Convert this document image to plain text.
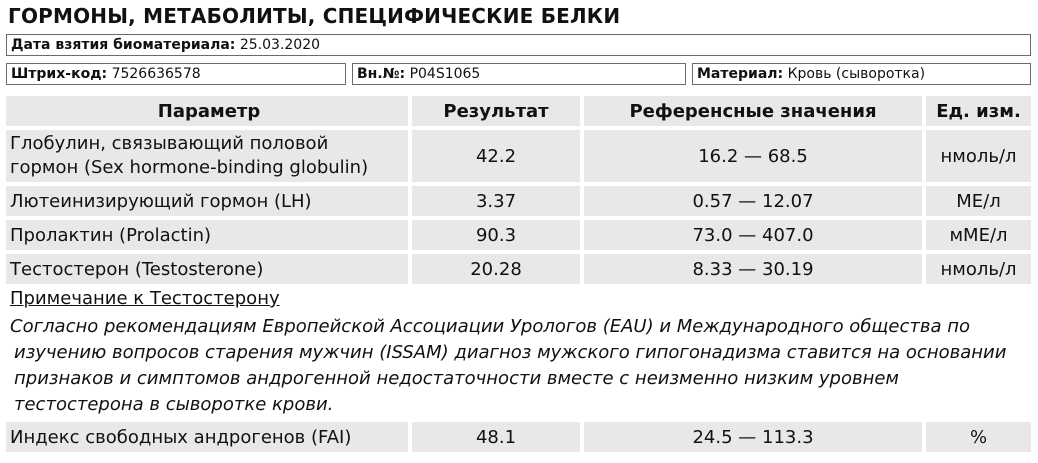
ГОРМОНЫ, МЕТАБОЛИТЫ, СПЕЦИФИЧЕСКИЕ БЕЛКИ
Дата взятия биоматериала: 25.03.2020
Штрих-код: 7526636578	Вн.№: P04S1065	Материал: Кровь (сыворотка)
Параметр	Результат	Референсные значения	Ед. изм.
Глобулин, связывающий половой
гормон (Sex hormone-binding globulin)
42.2	16.2 — 68.5	нмоль/л
Лютеинизирующий гормон (LH)	3.37	0.57 — 12.07	МЕ/л
Пролактин (Prolactin)	90.3	73.0 — 407.0	мМЕ/л
Тестостерон (Testosterone)	20.28	8.33 — 30.19	нмоль/л
Примечание к Тестостерону
Согласно рекомендациям Европейской Ассоциации Урологов (EAU) и Международного общества по
изучению вопросов старения мужчин (ISSAM) диагноз мужского гипогонадизма ставится на основании
признаков и симптомов андрогенной недостаточности вместе с неизменно низким уровнем
тестостерона в сыворотке крови.
Индекс свободных андрогенов (FAI)	48.1	24.5 — 113.3	%
